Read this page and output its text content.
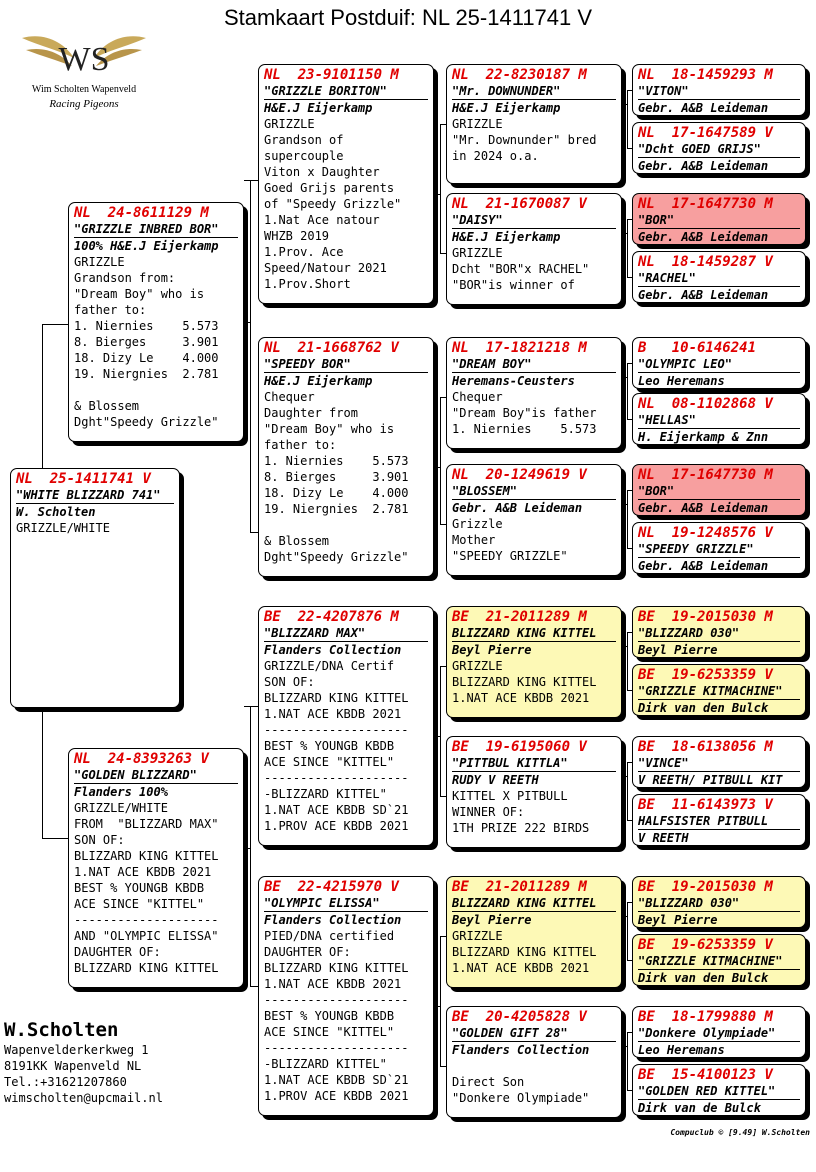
Stamkaart Postduif: NL 25-1411741 V
WS
Wim Scholten Wapenveld
Racing Pigeons
NL  25-1411741 V
"WHITE BLIZZARD 741"
W. Scholten
GRIZZLE/WHITE
NL  24-8611129 M
"GRIZZLE INBRED BOR"
100% H&E.J Eijerkamp
GRIZZLE
Grandson from:
"Dream Boy" who is
father to:
1. Niernies    5.573
8. Bierges     3.901
18. Dizy Le    4.000
19. Niergnies  2.781

& Blossem
Dght"Speedy Grizzle"
NL  24-8393263 V
"GOLDEN BLIZZARD"
Flanders 100%
GRIZZLE/WHITE
FROM  "BLIZZARD MAX"
SON OF:
BLIZZARD KING KITTEL
1.NAT ACE KBDB 2021
BEST % YOUNGB KBDB
ACE SINCE "KITTEL"
--------------------
AND "OLYMPIC ELISSA"
DAUGHTER OF:
BLIZZARD KING KITTEL
NL  23-9101150 M
"GRIZZLE BORITON"
H&E.J Eijerkamp
GRIZZLE
Grandson of
supercouple
Viton x Daughter
Goed Grijs parents
of "Speedy Grizzle"
1.Nat Ace natour
WHZB 2019
1.Prov. Ace
Speed/Natour 2021
1.Prov.Short
NL  21-1668762 V
"SPEEDY BOR"
H&E.J Eijerkamp
Chequer
Daughter from
"Dream Boy" who is
father to:
1. Niernies    5.573
8. Bierges     3.901
18. Dizy Le    4.000
19. Niergnies  2.781

& Blossem
Dght"Speedy Grizzle"
BE  22-4207876 M
"BLIZZARD MAX"
Flanders Collection
GRIZZLE/DNA Certif
SON OF:
BLIZZARD KING KITTEL
1.NAT ACE KBDB 2021
--------------------
BEST % YOUNGB KBDB
ACE SINCE "KITTEL"
--------------------
-BLIZZARD KITTEL"
1.NAT ACE KBDB SD`21
1.PROV ACE KBDB 2021
BE  22-4215970 V
"OLYMPIC ELISSA"
Flanders Collection
PIED/DNA certified
DAUGHTER OF:
BLIZZARD KING KITTEL
1.NAT ACE KBDB 2021
--------------------
BEST % YOUNGB KBDB
ACE SINCE "KITTEL"
--------------------
-BLIZZARD KITTEL"
1.NAT ACE KBDB SD`21
1.PROV ACE KBDB 2021
NL  22-8230187 M
"Mr. DOWNUNDER"
H&E.J Eijerkamp
GRIZZLE
"Mr. Downunder" bred
in 2024 o.a.
NL  21-1670087 V
"DAISY"
H&E.J Eijerkamp
GRIZZLE
Dcht "BOR"x RACHEL"
"BOR"is winner of
NL  17-1821218 M
"DREAM BOY"
Heremans-Ceusters
Chequer
"Dream Boy"is father
1. Niernies    5.573
NL  20-1249619 V
"BLOSSEM"
Gebr. A&B Leideman
Grizzle
Mother
"SPEEDY GRIZZLE"
BE  21-2011289 M
BLIZZARD KING KITTEL
Beyl Pierre
GRIZZLE
BLIZZARD KING KITTEL
1.NAT ACE KBDB 2021
BE  19-6195060 V
"PITTBUL KITTLA"
RUDY V REETH
KITTEL X PITBULL
WINNER OF:
1TH PRIZE 222 BIRDS
BE  21-2011289 M
BLIZZARD KING KITTEL
Beyl Pierre
GRIZZLE
BLIZZARD KING KITTEL
1.NAT ACE KBDB 2021
BE  20-4205828 V
"GOLDEN GIFT 28"
Flanders Collection

Direct Son
"Donkere Olympiade"
NL  18-1459293 M
"VITON"
Gebr. A&B Leideman
NL  17-1647589 V
"Dcht GOED GRIJS"
Gebr. A&B Leideman
NL  17-1647730 M
"BOR"
Gebr. A&B Leideman
NL  18-1459287 V
"RACHEL"
Gebr. A&B Leideman
B   10-6146241
"OLYMPIC LEO"
Leo Heremans
NL  08-1102868 V
"HELLAS"
H. Eijerkamp & Znn
NL  17-1647730 M
"BOR"
Gebr. A&B Leideman
NL  19-1248576 V
"SPEEDY GRIZZLE"
Gebr. A&B Leideman
BE  19-2015030 M
"BLIZZARD 030"
Beyl Pierre
BE  19-6253359 V
"GRIZZLE KITMACHINE"
Dirk van den Bulck
BE  18-6138056 M
"VINCE"
V REETH/ PITBULL KIT
BE  11-6143973 V
HALFSISTER PITBULL
V REETH
BE  19-2015030 M
"BLIZZARD 030"
Beyl Pierre
BE  19-6253359 V
"GRIZZLE KITMACHINE"
Dirk van den Bulck
BE  18-1799880 M
"Donkere Olympiade"
Leo Heremans
BE  15-4100123 V
"GOLDEN RED KITTEL"
Dirk van de Bulck
W.Scholten
Wapenvelderkerkweg 1
8191KK Wapenveld NL
Tel.:+31621207860
wimscholten@upcmail.nl
Compuclub © [9.49] W.Scholten
